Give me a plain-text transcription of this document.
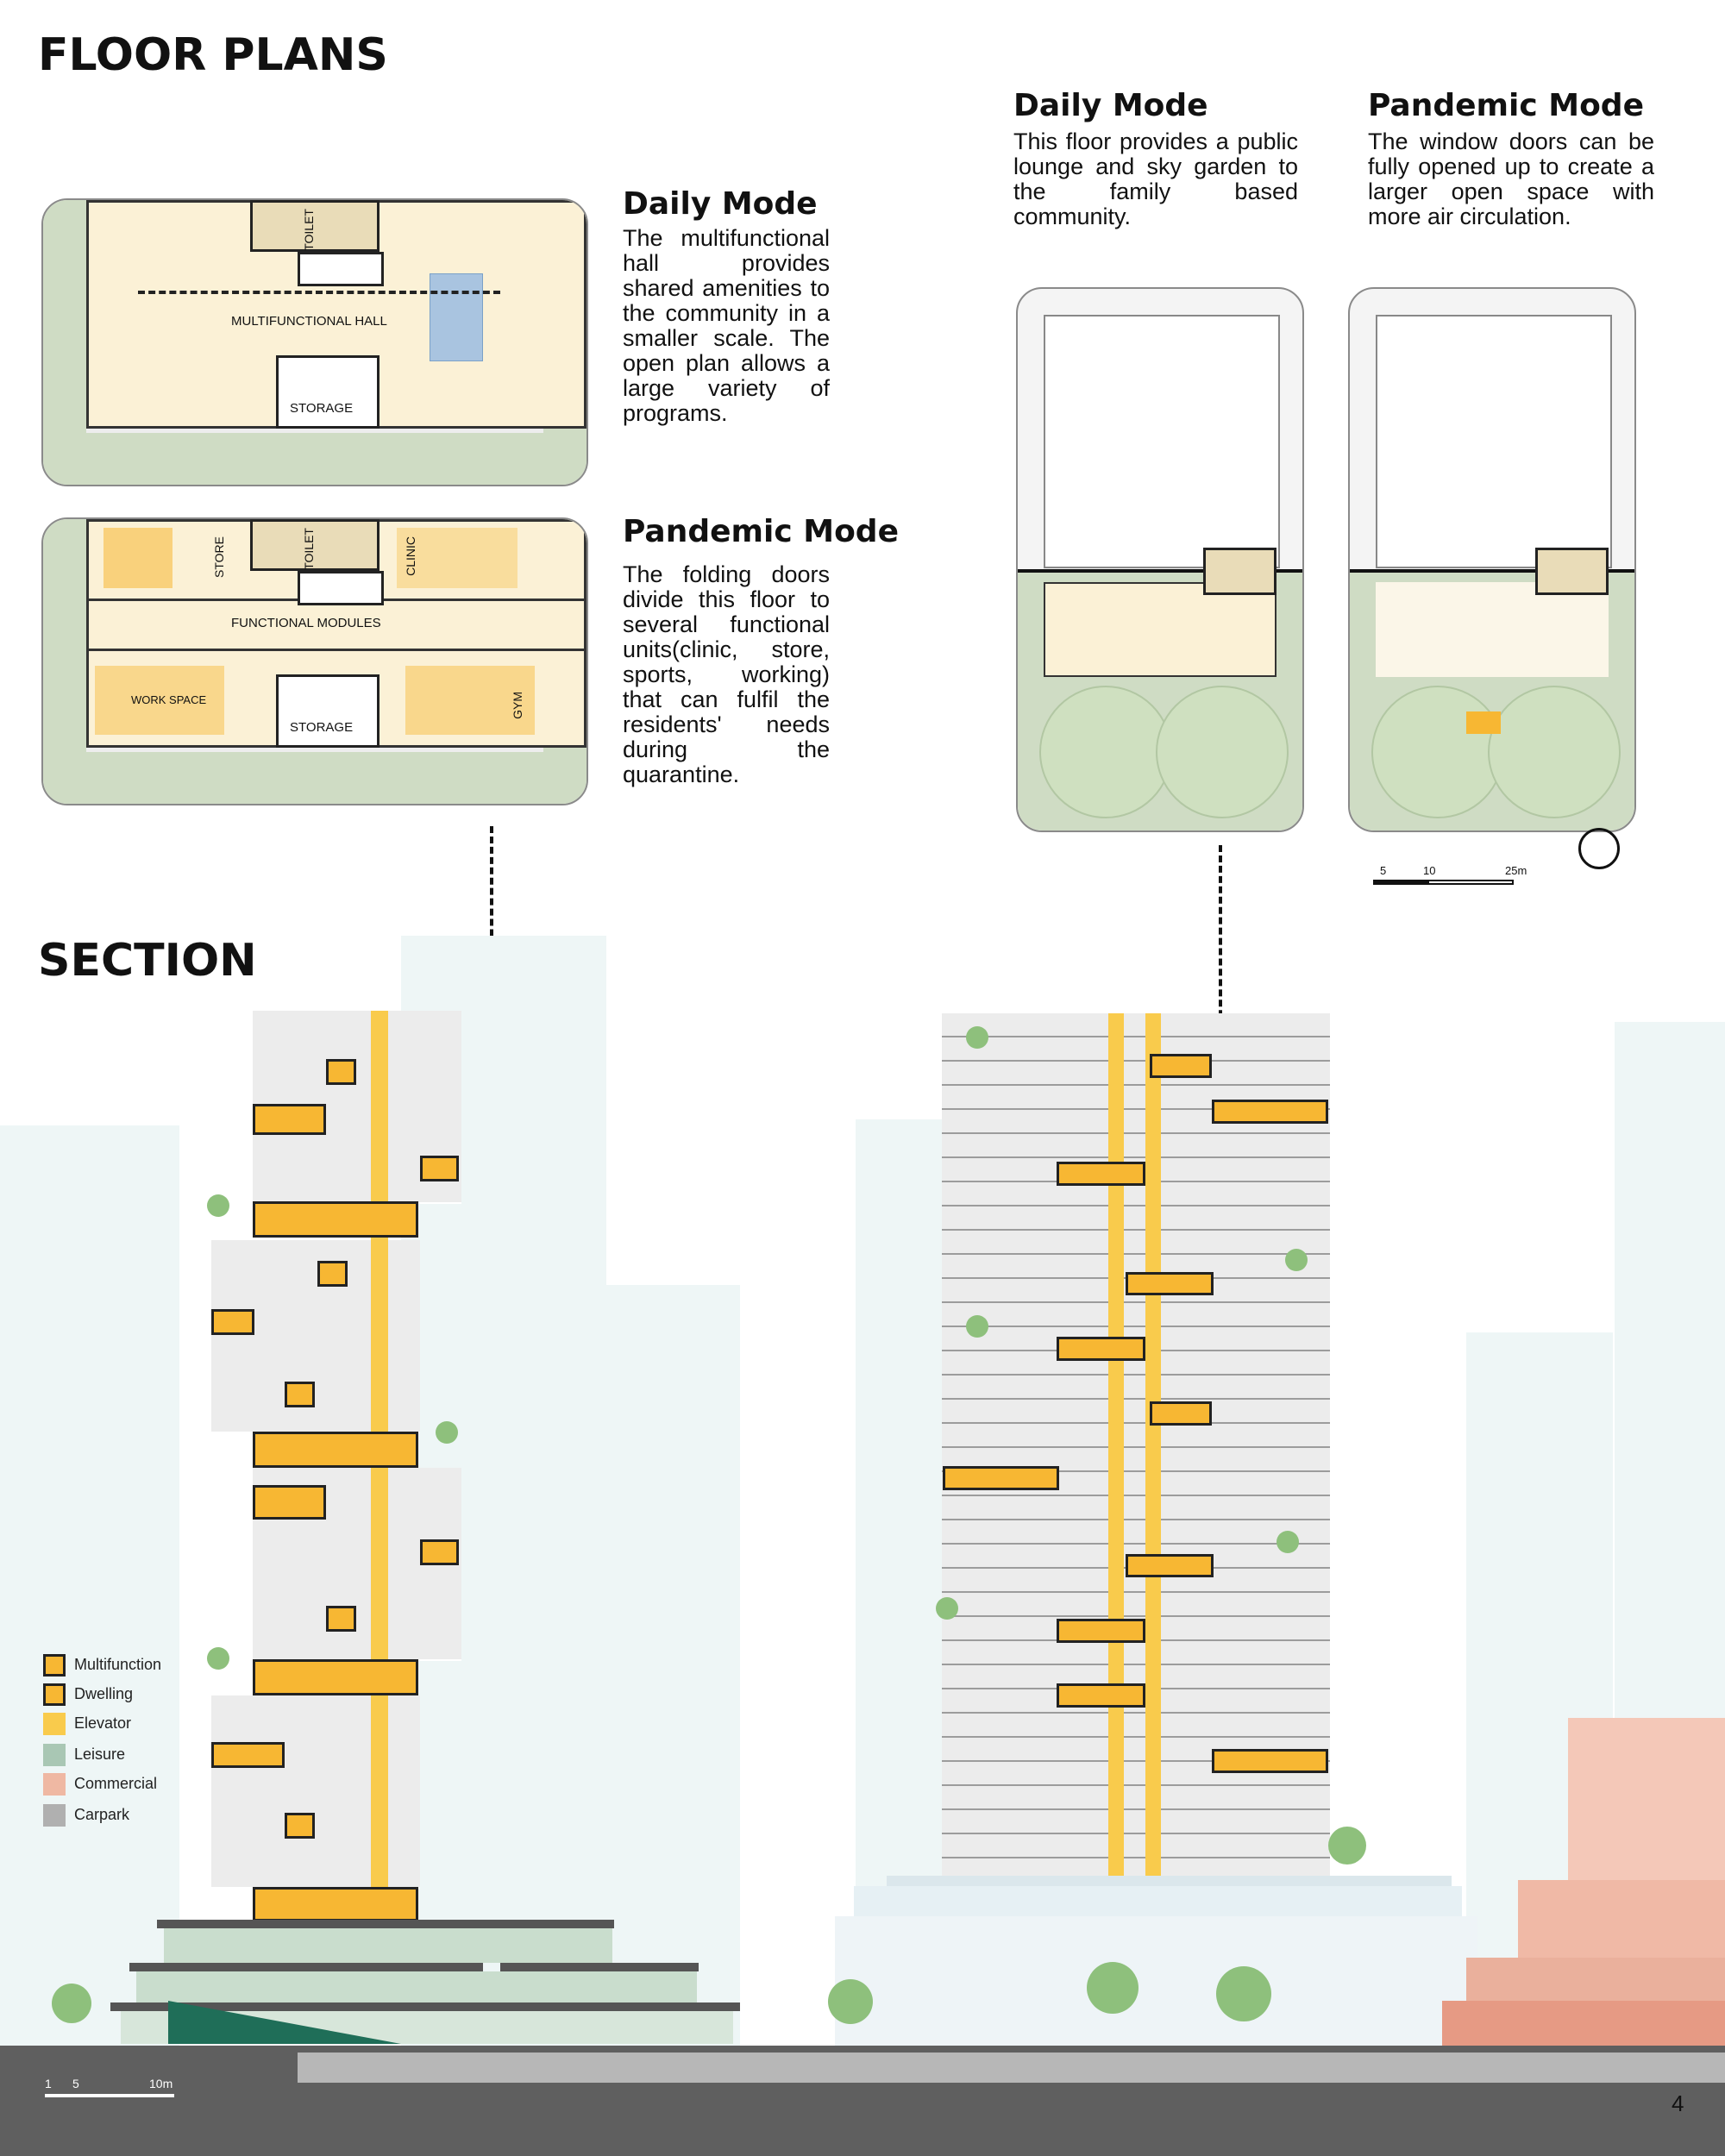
FLOOR PLANS
SECTION
TOILET
MULTIFUNCTIONAL HALL
STORAGE
Daily Mode

The multifunctional hall provides shared amenities to the community in a smaller scale. The open plan allows a large variety of programs.

TOILET
STORE	CLINIC
FUNCTIONAL MODULES
WORK SPACE
STORAGE
GYM
Pandemic Mode

The folding doors divide this floor to several functional units(clinic, store, sports, working) that can fulfil the residents' needs during the quarantine.

Daily Mode

This floor provides a public lounge and sky garden to the family based community.

Pandemic Mode

The window doors can be fully opened up to create a larger open space with more air circulation.

5	10	25m
Multifunction
Dwelling
Elevator
Leisure
Commercial
Carpark
1 5	10m
4
